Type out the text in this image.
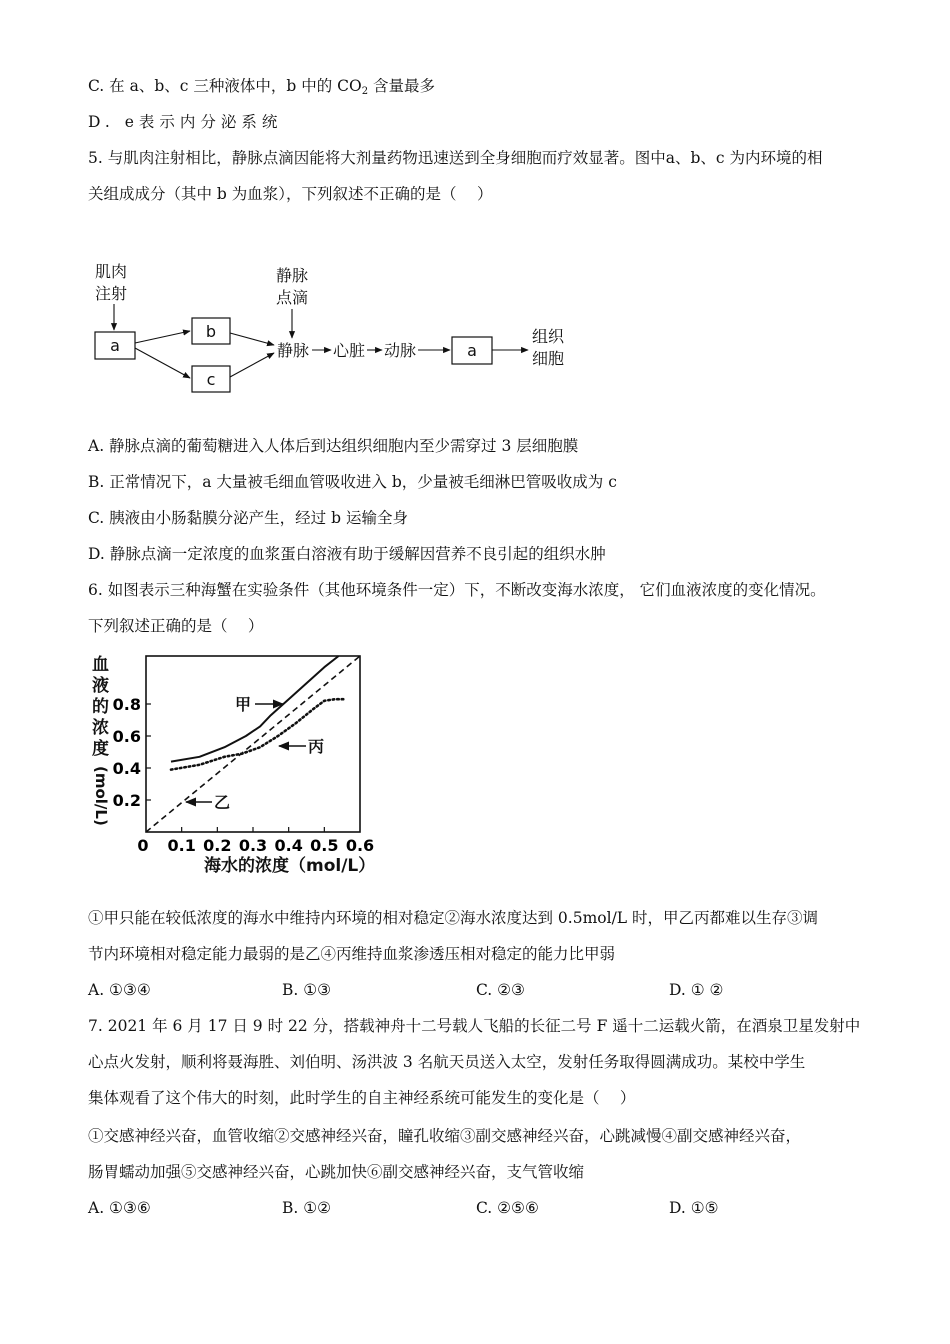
C. 在 a、b、c 三种液体中，b 中的 $CO_2$ 含量最多
D. e表示内分泌系统
5. 与肌肉注射相比，静脉点滴因能将大剂量药物迅速送到全身细胞而疗效显著。图中a、b、c 为内环境的相
关组成成分（其中 b 为血浆），下列叙述不正确的是（　 ）
肌肉
注射
静脉
点滴
a
b
c
静脉 心脏 动脉	a
组织
细胞
A. 静脉点滴的葡萄糖进入人体后到达组织细胞内至少需穿过 3 层细胞膜
B. 正常情况下，a 大量被毛细血管吸收进入 b，少量被毛细淋巴管吸收成为 c
C. 胰液由小肠黏膜分泌产生，经过 b 运输全身
D. 静脉点滴一定浓度的血浆蛋白溶液有助于缓解因营养不良引起的组织水肿
6. 如图表示三种海蟹在实验条件（其他环境条件一定）下，不断改变海水浓度， 它们血液浓度的变化情况。
下列叙述正确的是（　 ）
血
液
的
浓
度
(mol/L)
海水的浓度（mol/L）
0 0.1 0.2 0.3 0.4 0.5 0.6
0.2
0.4
0.6
0.8	甲
丙
乙
①甲只能在较低浓度的海水中维持内环境的相对稳定②海水浓度达到 0.5mol/L 时，甲乙丙都难以生存③调
节内环境相对稳定能力最弱的是乙④丙维持血浆渗透压相对稳定的能力比甲弱
A. ①③④	B. ①③	C. ②③	D. ① ②
7. 2021 年 6 月 17 日 9 时 22 分，搭载神舟十二号载人飞船的长征二号 F 遥十二运载火箭，在酒泉卫星发射中
心点火发射，顺利将聂海胜、刘伯明、汤洪波 3 名航天员送入太空，发射任务取得圆满成功。某校中学生
集体观看了这个伟大的时刻，此时学生的自主神经系统可能发生的变化是（　 ）
①交感神经兴奋，血管收缩②交感神经兴奋，瞳孔收缩③副交感神经兴奋，心跳减慢④副交感神经兴奋，
肠胃蠕动加强⑤交感神经兴奋，心跳加快⑥副交感神经兴奋，支气管收缩
A. ①③⑥	B. ①②	C. ②⑤⑥	D. ①⑤
